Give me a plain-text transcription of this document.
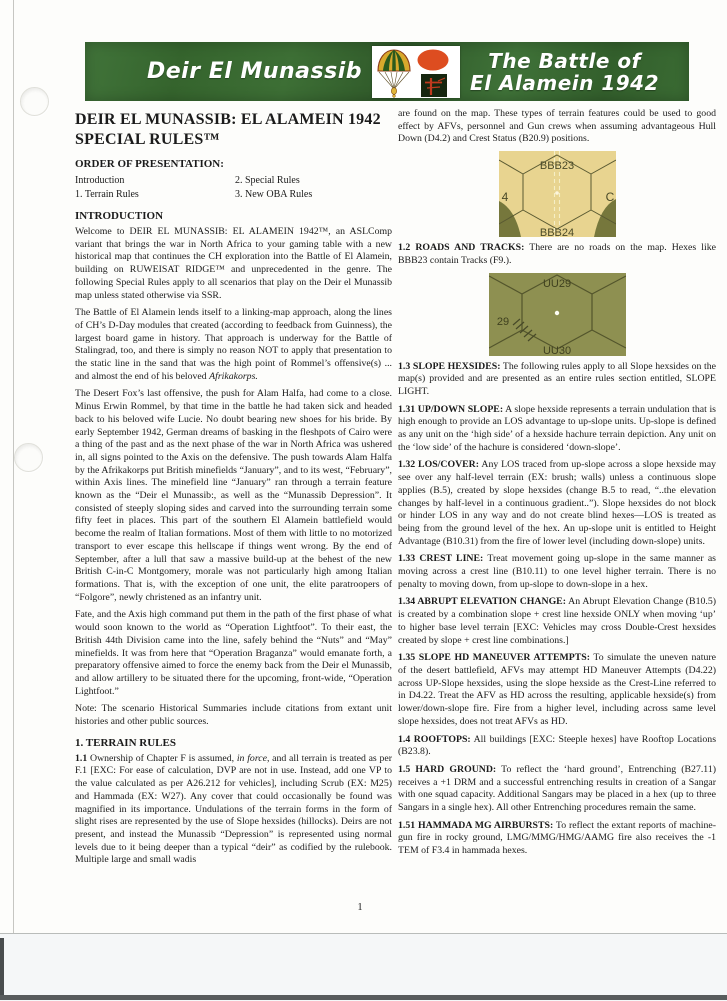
Deir El Munassib	The Battle of
El Alamein 1942
DEIR EL MUNASSIB: EL ALAMEIN 1942 SPECIAL RULES™
ORDER OF PRESENTATION:
Introduction	2. Special Rules
1. Terrain Rules	3. New OBA Rules
INTRODUCTION

Welcome to DEIR EL MUNASSIB: EL ALAMEIN 1942™, an ASLComp variant that brings the war in North Africa to your gaming table with a new historical map that continues the CH exploration into the Battle of El Alamein, building on RUWEISAT RIDGE™ and unprecedented in the genre. The following Special Rules apply to all scenarios that play on the Deir el Munassib map unless stated otherwise via SSR.

The Battle of El Alamein lends itself to a linking-map approach, along the lines of CH’s D-Day modules that created (according to feedback from Guinness), the largest board game in history. That approach is underway for the Battle of Stalingrad, too, and there is simply no reason NOT to apply that presentation to the static line in the sand that was the high point of Rommel’s offensive(s) ... and almost the end of his beloved Afrikakorps.

The Desert Fox’s last offensive, the push for Alam Halfa, had come to a close. Minus Erwin Rommel, by that time in the battle he had taken sick and headed back to his beloved wife Lucie. No doubt bearing new shoes for his bride. By early September 1942, German dreams of basking in the fleshpots of Cairo were a thing of the past and as the next phase of the war in North Africa was ushered in, all signs pointed to the Axis on the defensive. The push towards Alam Halfa by the Afrikakorps put British minefields “January”, and to its west, “February”, within Axis lines. The minefield line “January” ran through a terrain feature known as the “Deir el Munassib:, as well as the “Munassib Depression”. It consisted of steeply sloping sides and carved into the surrounding terrain some fifty feet in places. This part of the southern El Alamein battlefield would become the realm of Italian formations. Most of them with little to no motorized transport to ever escape this hellscape if things went wrong. By the end of September, after a lull that saw a massive build-up at the behest of the new British C-in-C Montgomery, morale was not particularly high among Italian formations. That is, with the exception of one unit, the elite paratroopers of “Folgore”, newly christened as an infantry unit.

Fate, and the Axis high command put them in the path of the first phase of what would soon known to the world as “Operation Lightfoot”. To their east, the British 44th Division came into the line, safely behind the “Nuts” and “May” minefields. It was from here that “Operation Braganza” would emanate forth, a preparatory offensive aimed to force the enemy back from the Deir el Munassib, and allow artillery to be situated there for the upcoming, front-wide, “Operation Lightfoot.”

Note: The scenario Historical Summaries include citations from extant unit histories and other public sources.

1. TERRAIN RULES

1.1 Ownership of Chapter F is assumed, in force, and all terrain is treated as per F.1 [EXC: For ease of calculation, DVP are not in use. Instead, add one VP to the value calculated as per A26.212 for vehicles], including Scrub (EX: M25) and Hammada (EX: W27). Any cover that could occasionally be found was magnified in its importance. Undulations of the terrain forms in the form of slight rises are represented by the use of Slope hexsides (hillocks). Deirs are not present, and instead the Munassib “Depression” is represented using normal levels due to it being deeper than a typical “deir” as codified by the rulebook. Multiple large and small wadis

are found on the map. These types of terrain features could be used to good effect by AFVs, personnel and Gun crews when assuming advantageous Hull Down (D4.2) and Crest Status (B20.9) positions.

BBB23
4	C
BBB24

1.2 ROADS AND TRACKS: There are no roads on the map. Hexes like BBB23 contain Tracks (F9.).

UU29
29
UU30

1.3 SLOPE HEXSIDES: The following rules apply to all Slope hexsides on the map(s) provided and are presented as an entire rules section entitled, SLOPE LIGHT.

1.31 UP/DOWN SLOPE: A slope hexside represents a terrain undulation that is high enough to provide an LOS advantage to up-slope units. Up-slope is defined as any unit on the ‘high side’ of a hexside hachure terrain depiction. Any unit on the ‘low side’ of the hachure is considered ‘down-slope’.

1.32 LOS/COVER: Any LOS traced from up-slope across a slope hexside may see over any half-level terrain (EX: brush; walls) unless a continuous slope applies (B.5), created by slope hexsides (change B.5 to read, “..the elevation changes by half-level in a continuous gradient..”). Slope hexsides do not block or hinder LOS in any way and do not create blind hexes—LOS is treated as being from the ground level of the hex. An up-slope unit is entitled to Height Advantage (B10.31) from the fire of lower level (including down-slope) units.

1.33 CREST LINE: Treat movement going up-slope in the same manner as moving across a crest line (B10.11) to one level higher terrain. There is no penalty to moving down, from up-slope to down-slope in a hex.

1.34 ABRUPT ELEVATION CHANGE: An Abrupt Elevation Change (B10.5) is created by a combination slope + crest line hexside ONLY when moving ‘up’ to higher base level terrain [EXC: Vehicles may cross Double-Crest hexsides created by slope + crest line combinations.]

1.35 SLOPE HD MANEUVER ATTEMPTS: To simulate the uneven nature of the desert battlefield, AFVs may attempt HD Maneuver Attempts (D4.22) across UP-Slope hexsides, using the slope hexside as the Crest-Line referred to in D4.22. Treat the AFV as HD across the resulting, applicable hexside(s) from lower/down-slope fire. Fire from a higher level, including across same level slope hexsides, does not treat AFVs as HD.

1.4 ROOFTOPS: All buildings [EXC: Steeple hexes] have Rooftop Locations (B23.8).

1.5 HARD GROUND: To reflect the ‘hard ground’, Entrenching (B27.11) receives a +1 DRM and a successful entrenching results in creation of a Sangar with one squad capacity. Additional Sangars may be placed in a hex (up to three Sangars in a single hex). All other Entrenching procedures remain the same.

1.51 HAMMADA MG AIRBURSTS: To reflect the extant reports of machine-gun fire in rocky ground, LMG/MMG/HMG/AAMG fire also receives the -1 TEM of F3.4 in hammada hexes.

1
